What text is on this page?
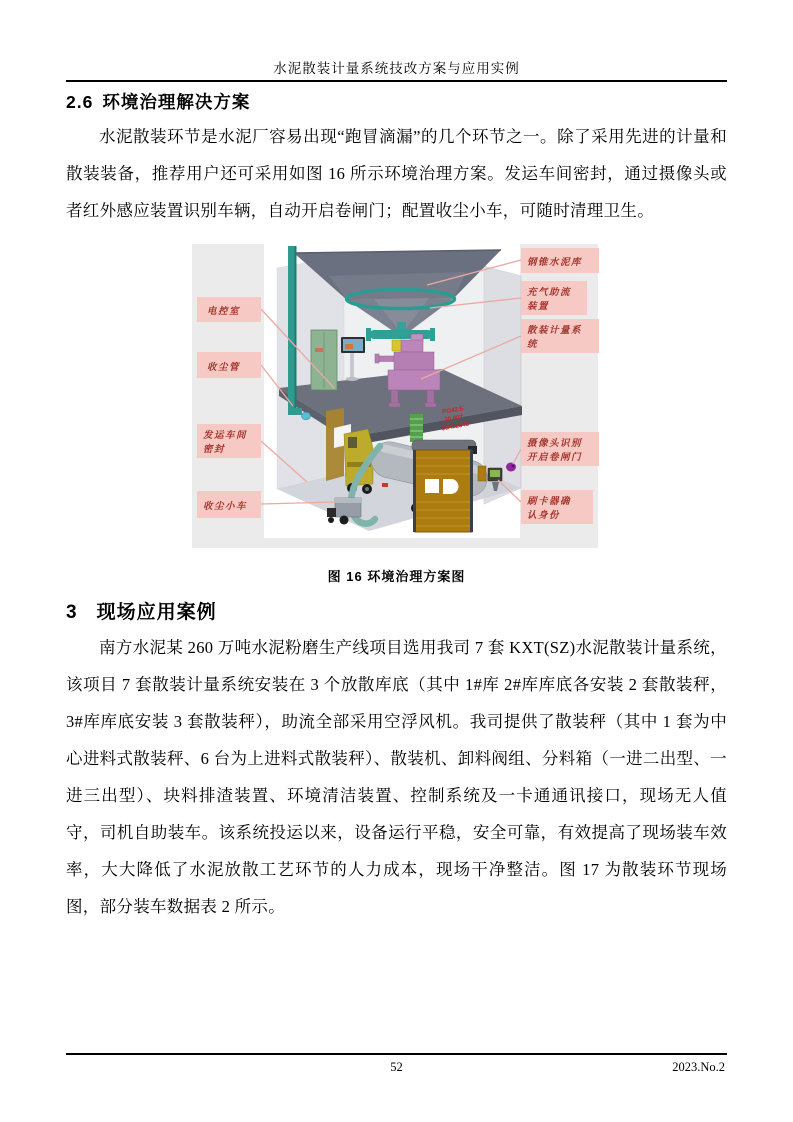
水泥散装计量系统技改方案与应用实例
2.6 环境治理解决方案

水泥散装环节是水泥厂容易出现“跑冒滴漏”的几个环节之一。除了采用先进的计量和散装装备，推荐用户还可采用如图 16 所示环境治理方案。发运车间密封，通过摄像头或者红外感应装置识别车辆，自动开启卷闸门；配置收尘小车，可随时清理卫生。

PO42.5
30.00T
皖A12345
电控室
收尘管
发运车间
密封
收尘小车
钢锥水泥库
充气助流
装置
散装计量系
统
摄像头识别
开启卷闸门
刷卡器确
认身份
图 16 环境治理方案图
3 现场应用案例

南方水泥某 260 万吨水泥粉磨生产线项目选用我司 7 套 KXT(SZ)水泥散装计量系统，该项目 7 套散装计量系统安装在 3 个放散库底（其中 1#库 2#库库底各安装 2 套散装秤，3#库库底安装 3 套散装秤），助流全部采用空浮风机。我司提供了散装秤（其中 1 套为中心进料式散装秤、6 台为上进料式散装秤）、散装机、卸料阀组、分料箱（一进二出型、一进三出型）、块料排渣装置、环境清洁装置、控制系统及一卡通通讯接口，现场无人值守，司机自助装车。该系统投运以来，设备运行平稳，安全可靠，有效提高了现场装车效率，大大降低了水泥放散工艺环节的人力成本，现场干净整洁。图 17 为散装环节现场图，部分装车数据表 2 所示。

52	2023.No.2
